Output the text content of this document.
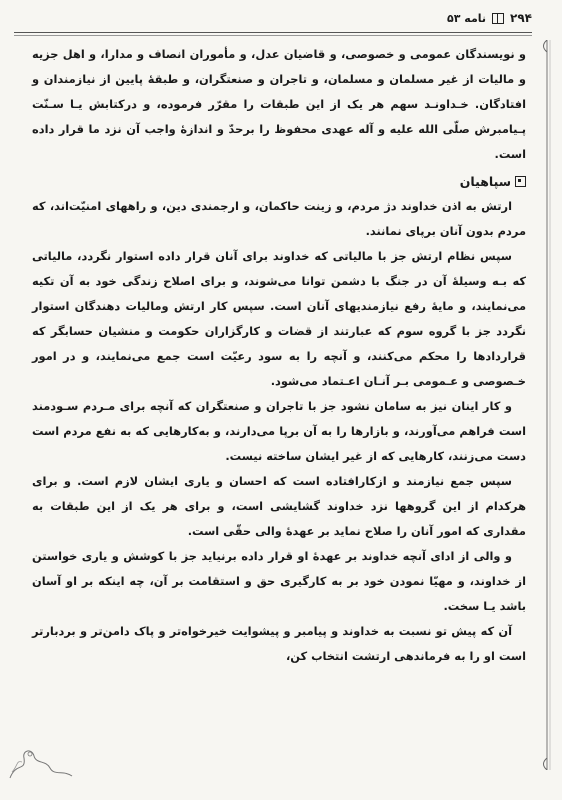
۲۹۴
نامه ۵۳

و نویسندگان عمومی و خصوصی، و قاضیان عدل، و مأموران انصاف و مدارا، و اهل جزیه و مالیات از غیر مسلمان و مسلمان، و تاجران و صنعتگران، و طبقهٔ پایین از نیازمندان و افتادگان. خـداونـد سهم هر یک از این طبقات را مقرّر فرموده، و درکتابش یـا سـنّت پـیامبرش صلّی الله علیه و آله عهدی محفوظ را برحدّ و اندازهٔ واجب آن نزد ما قرار داده است.

سپاهیان

ارتش به اذن خداوند دژ مردم، و زینت حاکمان، و ارجمندی دین، و راههای امنیّت‌اند، که مردم بدون آنان برپای نمانند.

سپس نظام ارتش جز با مالیاتی که خداوند برای آنان قرار داده استوار نگردد، مالیاتی که بـه وسیلهٔ آن در جنگ با دشمن توانا می‌شوند، و برای اصلاح زندگی خود به آن تکیه می‌نمایند، و مایهٔ رفع نیازمندیهای آنان است. سپس کار ارتش ومالیات دهندگان استوار نگردد جز با گروه سوم که عبارتند از قضات و کارگزاران حکومت و منشیان حسابگر که قراردادها را محکم می‌کنند، و آنچه را به سود رعیّت است جمع می‌نمایند، و در امور خـصوصی و عـمومی بـر آنـان اعـتماد می‌شود.

و کار اینان نیز به سامان نشود جز با تاجران و صنعتگران که آنچه برای مـردم سـودمند است فراهم می‌آورند، و بازارها را به آن برپا می‌دارند، و به‌کارهایی که به نفع مردم است دست می‌زنند، کارهایی که از غیر ایشان ساخته نیست.

سپس جمع نیازمند و ازکارافتاده است که احسان و یاری ایشان لازم است. و برای هرکدام از این گروهها نزد خداوند گشایشی است، و برای هر یک از این طبقات به مقداری که امور آنان را صلاح نماید بر عهدهٔ والی حقّی است.

و والی از ادای آنچه خداوند بر عهدهٔ او قرار داده برنیاید جز با کوشش و یاری خواستن از خداوند، و مهیّا نمودن خود بر به کارگیری حق و استقامت بر آن، چه اینکه بر او آسان باشد یـا سخت.

آن که پیش تو نسبت به خداوند و پیامبر و پیشوایت خیرخواه‌تر و پاک دامن‌تر و بردبارتر است او را به فرماندهی ارتشت انتخاب کن،
